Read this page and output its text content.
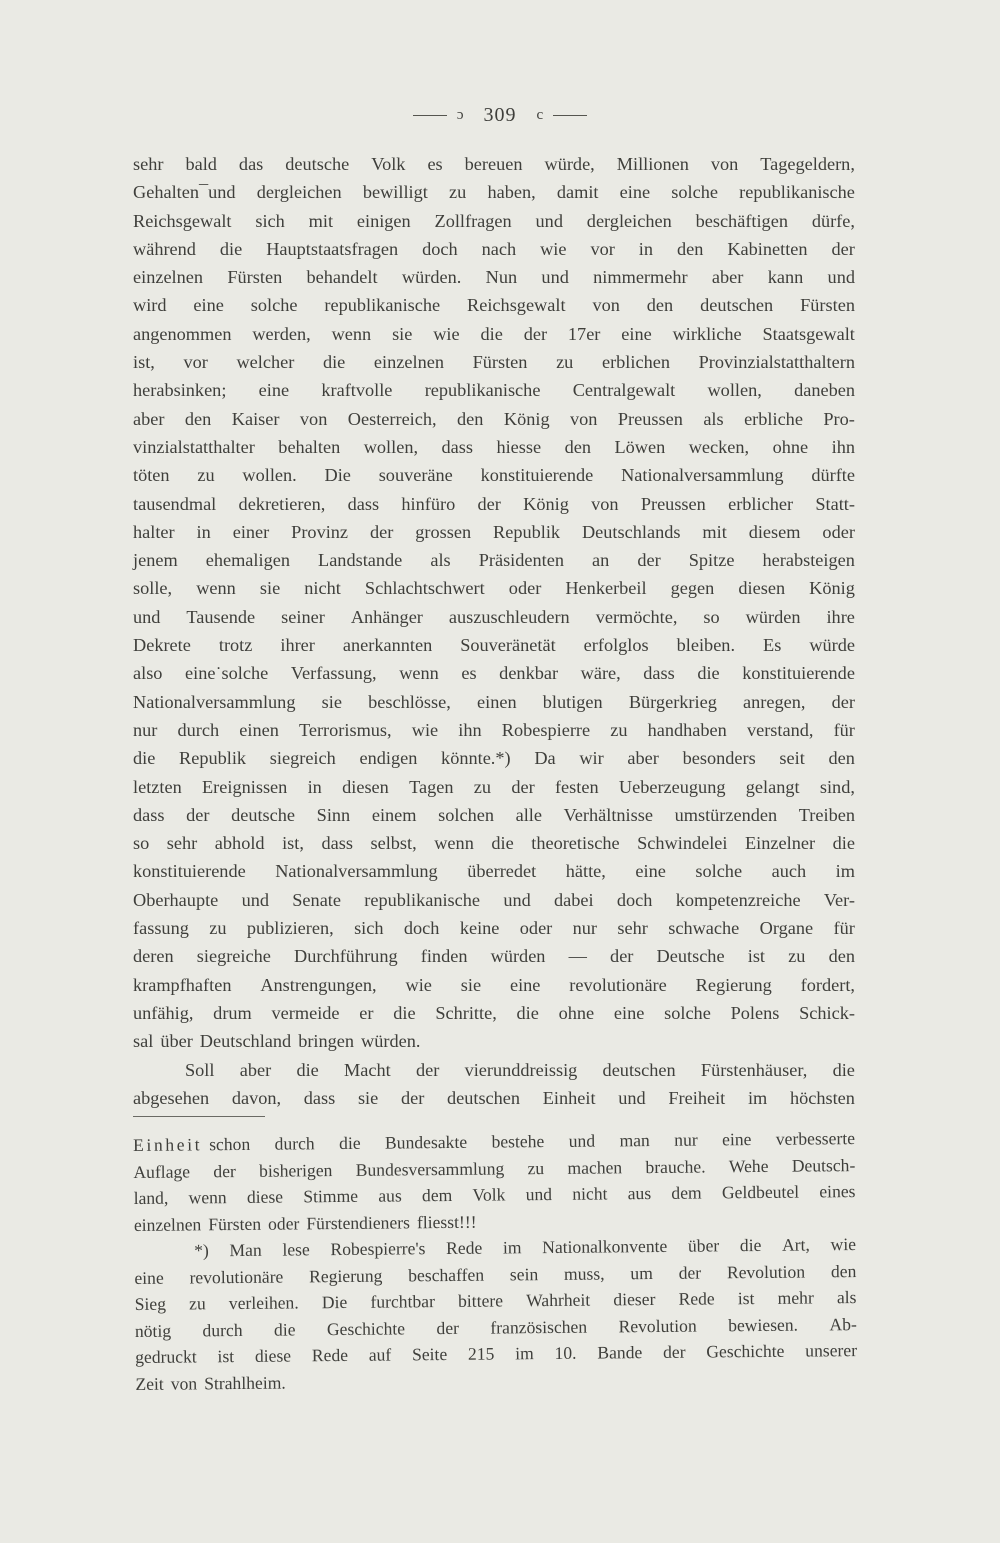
ɔ	309	c
sehr bald das deutsche Volk es bereuen würde, Millionen von Tagegeldern,
Gehalten¯und dergleichen bewilligt zu haben, damit eine solche republikanische
Reichsgewalt sich mit einigen Zollfragen und dergleichen beschäftigen dürfe,
während die Hauptstaatsfragen doch nach wie vor in den Kabinetten der
einzelnen Fürsten behandelt würden. Nun und nimmermehr aber kann und
wird eine solche republikanische Reichsgewalt von den deutschen Fürsten
angenommen werden, wenn sie wie die der 17er eine wirkliche Staatsgewalt
ist, vor welcher die einzelnen Fürsten zu erblichen Provinzialstatthaltern
herabsinken; eine kraftvolle republikanische Centralgewalt wollen, daneben
aber den Kaiser von Oesterreich, den König von Preussen als erbliche Pro-
vinzialstatthalter behalten wollen, dass hiesse den Löwen wecken, ohne ihn
töten zu wollen. Die souveräne konstituierende Nationalversammlung dürfte
tausendmal dekretieren, dass hinfüro der König von Preussen erblicher Statt-
halter in einer Provinz der grossen Republik Deutschlands mit diesem oder
jenem ehemaligen Landstande als Präsidenten an der Spitze herabsteigen
solle, wenn sie nicht Schlachtschwert oder Henkerbeil gegen diesen König
und Tausende seiner Anhänger auszuschleudern vermöchte, so würden ihre
Dekrete trotz ihrer anerkannten Souveränetät erfolglos bleiben. Es würde
also eine˙solche Verfassung, wenn es denkbar wäre, dass die konstituierende
Nationalversammlung sie beschlösse, einen blutigen Bürgerkrieg anregen, der
nur durch einen Terrorismus, wie ihn Robespierre zu handhaben verstand, für
die Republik siegreich endigen könnte.*) Da wir aber besonders seit den
letzten Ereignissen in diesen Tagen zu der festen Ueberzeugung gelangt sind,
dass der deutsche Sinn einem solchen alle Verhältnisse umstürzenden Treiben
so sehr abhold ist, dass selbst, wenn die theoretische Schwindelei Einzelner die
konstituierende Nationalversammlung überredet hätte, eine solche auch im
Oberhaupte und Senate republikanische und dabei doch kompetenzreiche Ver-
fassung zu publizieren, sich doch keine oder nur sehr schwache Organe für
deren siegreiche Durchführung finden würden — der Deutsche ist zu den
krampfhaften Anstrengungen, wie sie eine revolutionäre Regierung fordert,
unfähig, drum vermeide er die Schritte, die ohne eine solche Polens Schick-
sal über Deutschland bringen würden.
Soll aber die Macht der vierunddreissig deutschen Fürstenhäuser, die
abgesehen davon, dass sie der deutschen Einheit und Freiheit im höchsten
Einheit schon durch die Bundesakte bestehe und man nur eine verbesserte
Auflage der bisherigen Bundesversammlung zu machen brauche. Wehe Deutsch-
land, wenn diese Stimme aus dem Volk und nicht aus dem Geldbeutel eines
einzelnen Fürsten oder Fürstendieners fliesst!!!
*) Man lese Robespierre's Rede im Nationalkonvente über die Art, wie
eine revolutionäre Regierung beschaffen sein muss, um der Revolution den
Sieg zu verleihen. Die furchtbar bittere Wahrheit dieser Rede ist mehr als
nötig durch die Geschichte der französischen Revolution bewiesen. Ab-
gedruckt ist diese Rede auf Seite 215 im 10. Bande der Geschichte unserer
Zeit von Strahlheim.
